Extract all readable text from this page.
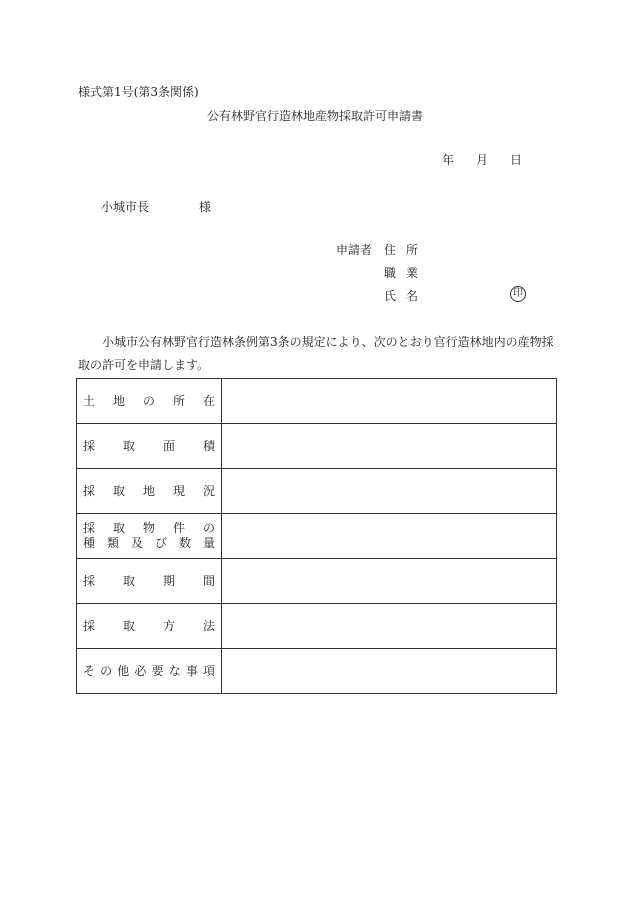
様式第1号(第3条関係)
公有林野官行造林地産物採取許可申請書
年 月 日
小城市長	様
申請者 住所
職業
氏名	印
小城市公有林野官行造林条例第3条の規定により、次のとおり官行造林地内の産物採取の許可を申請します。
土地の所在	
採取面積	
採取地現況	

採取物件の
種類及び数量	

採取期間	
採取方法	
その他必要な事項	
